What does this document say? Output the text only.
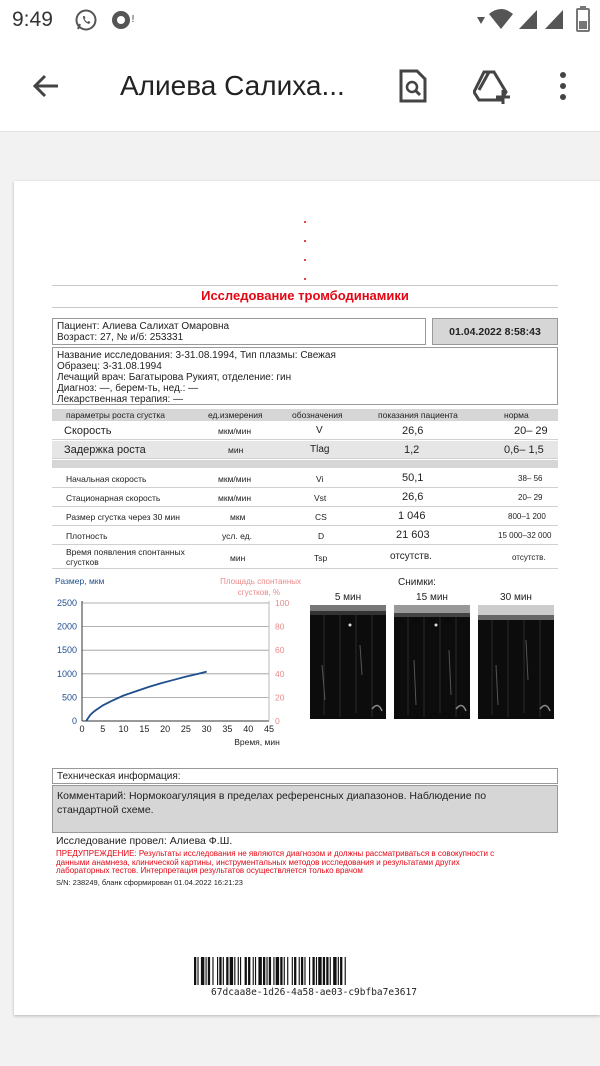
9:49	!
Алиева Салиха...
Исследование тромбодинамики
Пациент: Алиева Салихат Омаровна
Возраст: 27, № и/б: 253331	01.04.2022 8:58:43
Название исследования: 3-31.08.1994, Тип плазмы: Свежая
Образец: 3-31.08.1994
Лечащий врач: Багатырова Рукият, отделение: гин
Диагноз: —, берем-ть, нед.: —
Лекарственная терапия: —
параметры роста сгустка	ед.измерения	обозначения	показания пациента	норма
Скорость	мкм/мин	V	26,6	20– 29
Задержка роста	мин	Tlag	1,2	0,6– 1,5
Начальная скорость	мкм/мин	Vi	50,1	38– 56
Стационарная скорость	мкм/мин	Vst	26,6	20– 29
Размер сгустка через 30 мин	мкм	CS	1 046	800–1 200
Плотность	усл. ед.	D	21 603	15 000–32 000
Время появления спонтанных
сгустков	мин	Tsp	отсутств.	отсутств.
0
500
1000
1500
2000
2500
0
20
40
60
80
100
0 5 10 15 20 25 30 35 40 45
Размер, мкм	Площадь спонтанных
сгустков, %
Время, мин
Снимки:
5 мин	15 мин	30 мин
Техническая информация:
Комментарий: Нормокоагуляция в пределах референсных диапазонов. Наблюдение по
стандартной схеме.
Исследование провел: Алиева Ф.Ш.
ПРЕДУПРЕЖДЕНИЕ: Результаты исследования не являются диагнозом и должны рассматриваться в совокупности с
данными анамнеза, клинической картины, инструментальных методов исследования и результатами других
лабораторных тестов. Интерпретация результатов осуществляется только врачом
S/N: 238249, бланк сформирован 01.04.2022 16:21:23
67dcaa8e-1d26-4a58-ae03-c9bfba7e3617
